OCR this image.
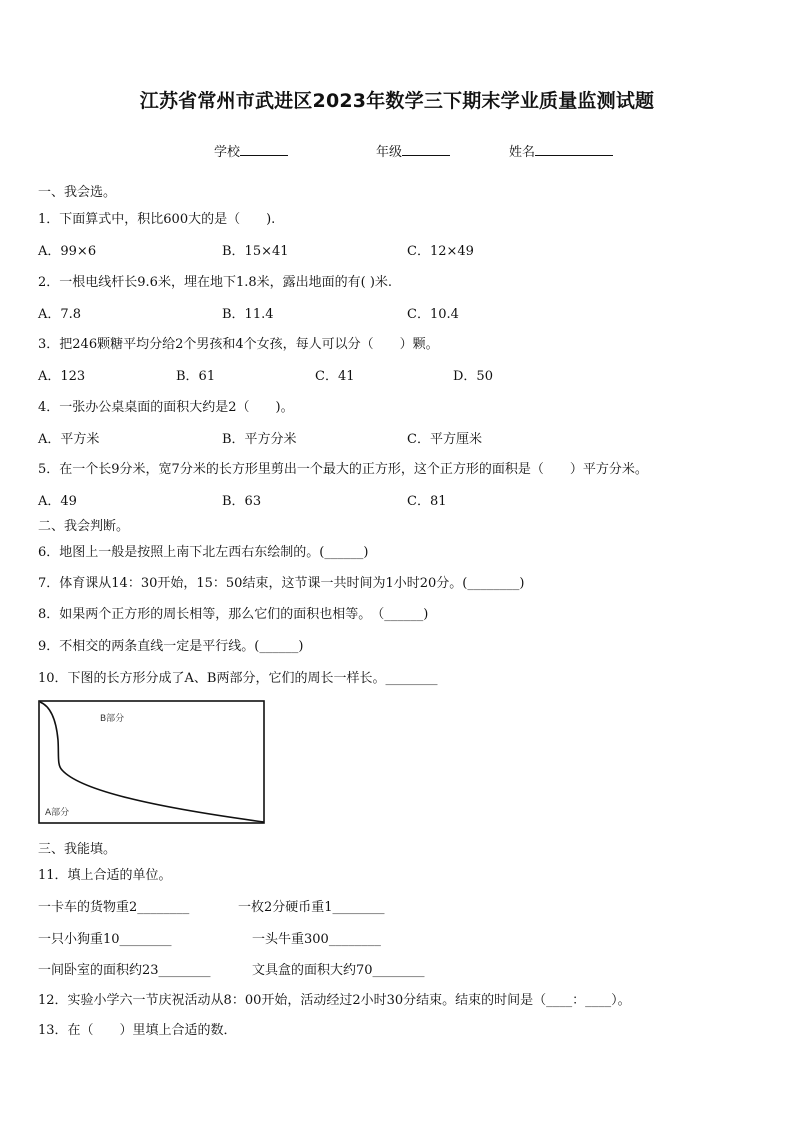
江苏省常州市武进区2023年数学三下期末学业质量监测试题
学校	年级	姓名
一、我会选。
1．下面算式中，积比600大的是（　　).
A．99×6	B．15×41	C．12×49
2．一根电线杆长9.6米，埋在地下1.8米，露出地面的有( )米.
A．7.8	B．11.4	C．10.4
3．把246颗糖平均分给2个男孩和4个女孩，每人可以分（　　）颗。
A．123	B．61	C．41	D．50
4．一张办公桌桌面的面积大约是2（　　)。
A．平方米	B．平方分米	C．平方厘米
5．在一个长9分米，宽7分米的长方形里剪出一个最大的正方形，这个正方形的面积是（　　）平方分米。
A．49	B．63	C．81
二、我会判断。
6．地图上一般是按照上南下北左西右东绘制的。(______)
7．体育课从14：30开始，15：50结束，这节课一共时间为1小时20分。(________)
8．如果两个正方形的周长相等，那么它们的面积也相等。　（______)
9．不相交的两条直线一定是平行线。(______)
10．下图的长方形分成了A、B两部分，它们的周长一样长。________
B部分
A部分
三、我能填。
11．填上合适的单位。
一卡车的货物重2________	一枚2分硬币重1________
一只小狗重10________	一头牛重300________
一间卧室的面积约23________	文具盒的面积大约70________
12．实验小学六一节庆祝活动从8：00开始，活动经过2小时30分结束。结束的时间是（____：____）。
13．在（　　）里填上合适的数．
